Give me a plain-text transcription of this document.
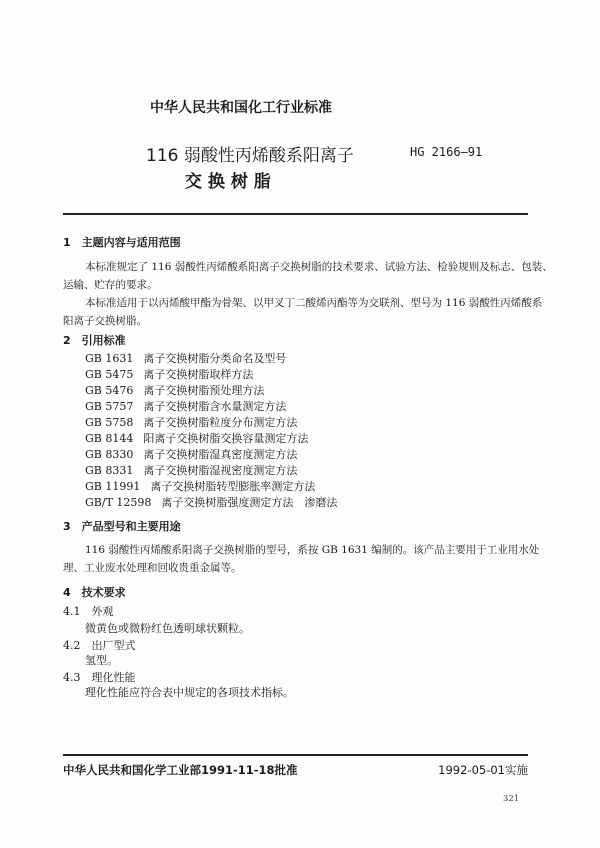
中华人民共和国化工行业标准
116 弱酸性丙烯酸系阳离子
交 换 树 脂
HG 2166—91
1　主题内容与适用范围
本标准规定了 116 弱酸性丙烯酸系阳离子交换树脂的技术要求、试验方法、检验规则及标志、包装、
运输、贮存的要求。
本标准适用于以丙烯酸甲酯为骨架、以甲叉丁二酸烯丙酯等为交联剂、型号为 116 弱酸性丙烯酸系
阳离子交换树脂。
2　引用标准
GB 1631 离子交换树脂分类命名及型号
GB 5475 离子交换树脂取样方法
GB 5476 离子交换树脂预处理方法
GB 5757 离子交换树脂含水量测定方法
GB 5758 离子交换树脂粒度分布测定方法
GB 8144 阳离子交换树脂交换容量测定方法
GB 8330 离子交换树脂湿真密度测定方法
GB 8331 离子交换树脂湿视密度测定方法
GB 11991 离子交换树脂转型膨胀率测定方法
GB/T 12598 离子交换树脂强度测定方法　渗磨法
3　产品型号和主要用途
116 弱酸性丙烯酸系阳离子交换树脂的型号，系按 GB 1631 编制的。该产品主要用于工业用水处
理、工业废水处理和回收贵重金属等。
4　技术要求
4.1　外观
微黄色或微粉红色透明球状颗粒。
4.2　出厂型式
氢型。
4.3　理化性能
理化性能应符合表中规定的各项技术指标。
中华人民共和国化学工业部1991-11-18批准	1992-05-01实施
321
